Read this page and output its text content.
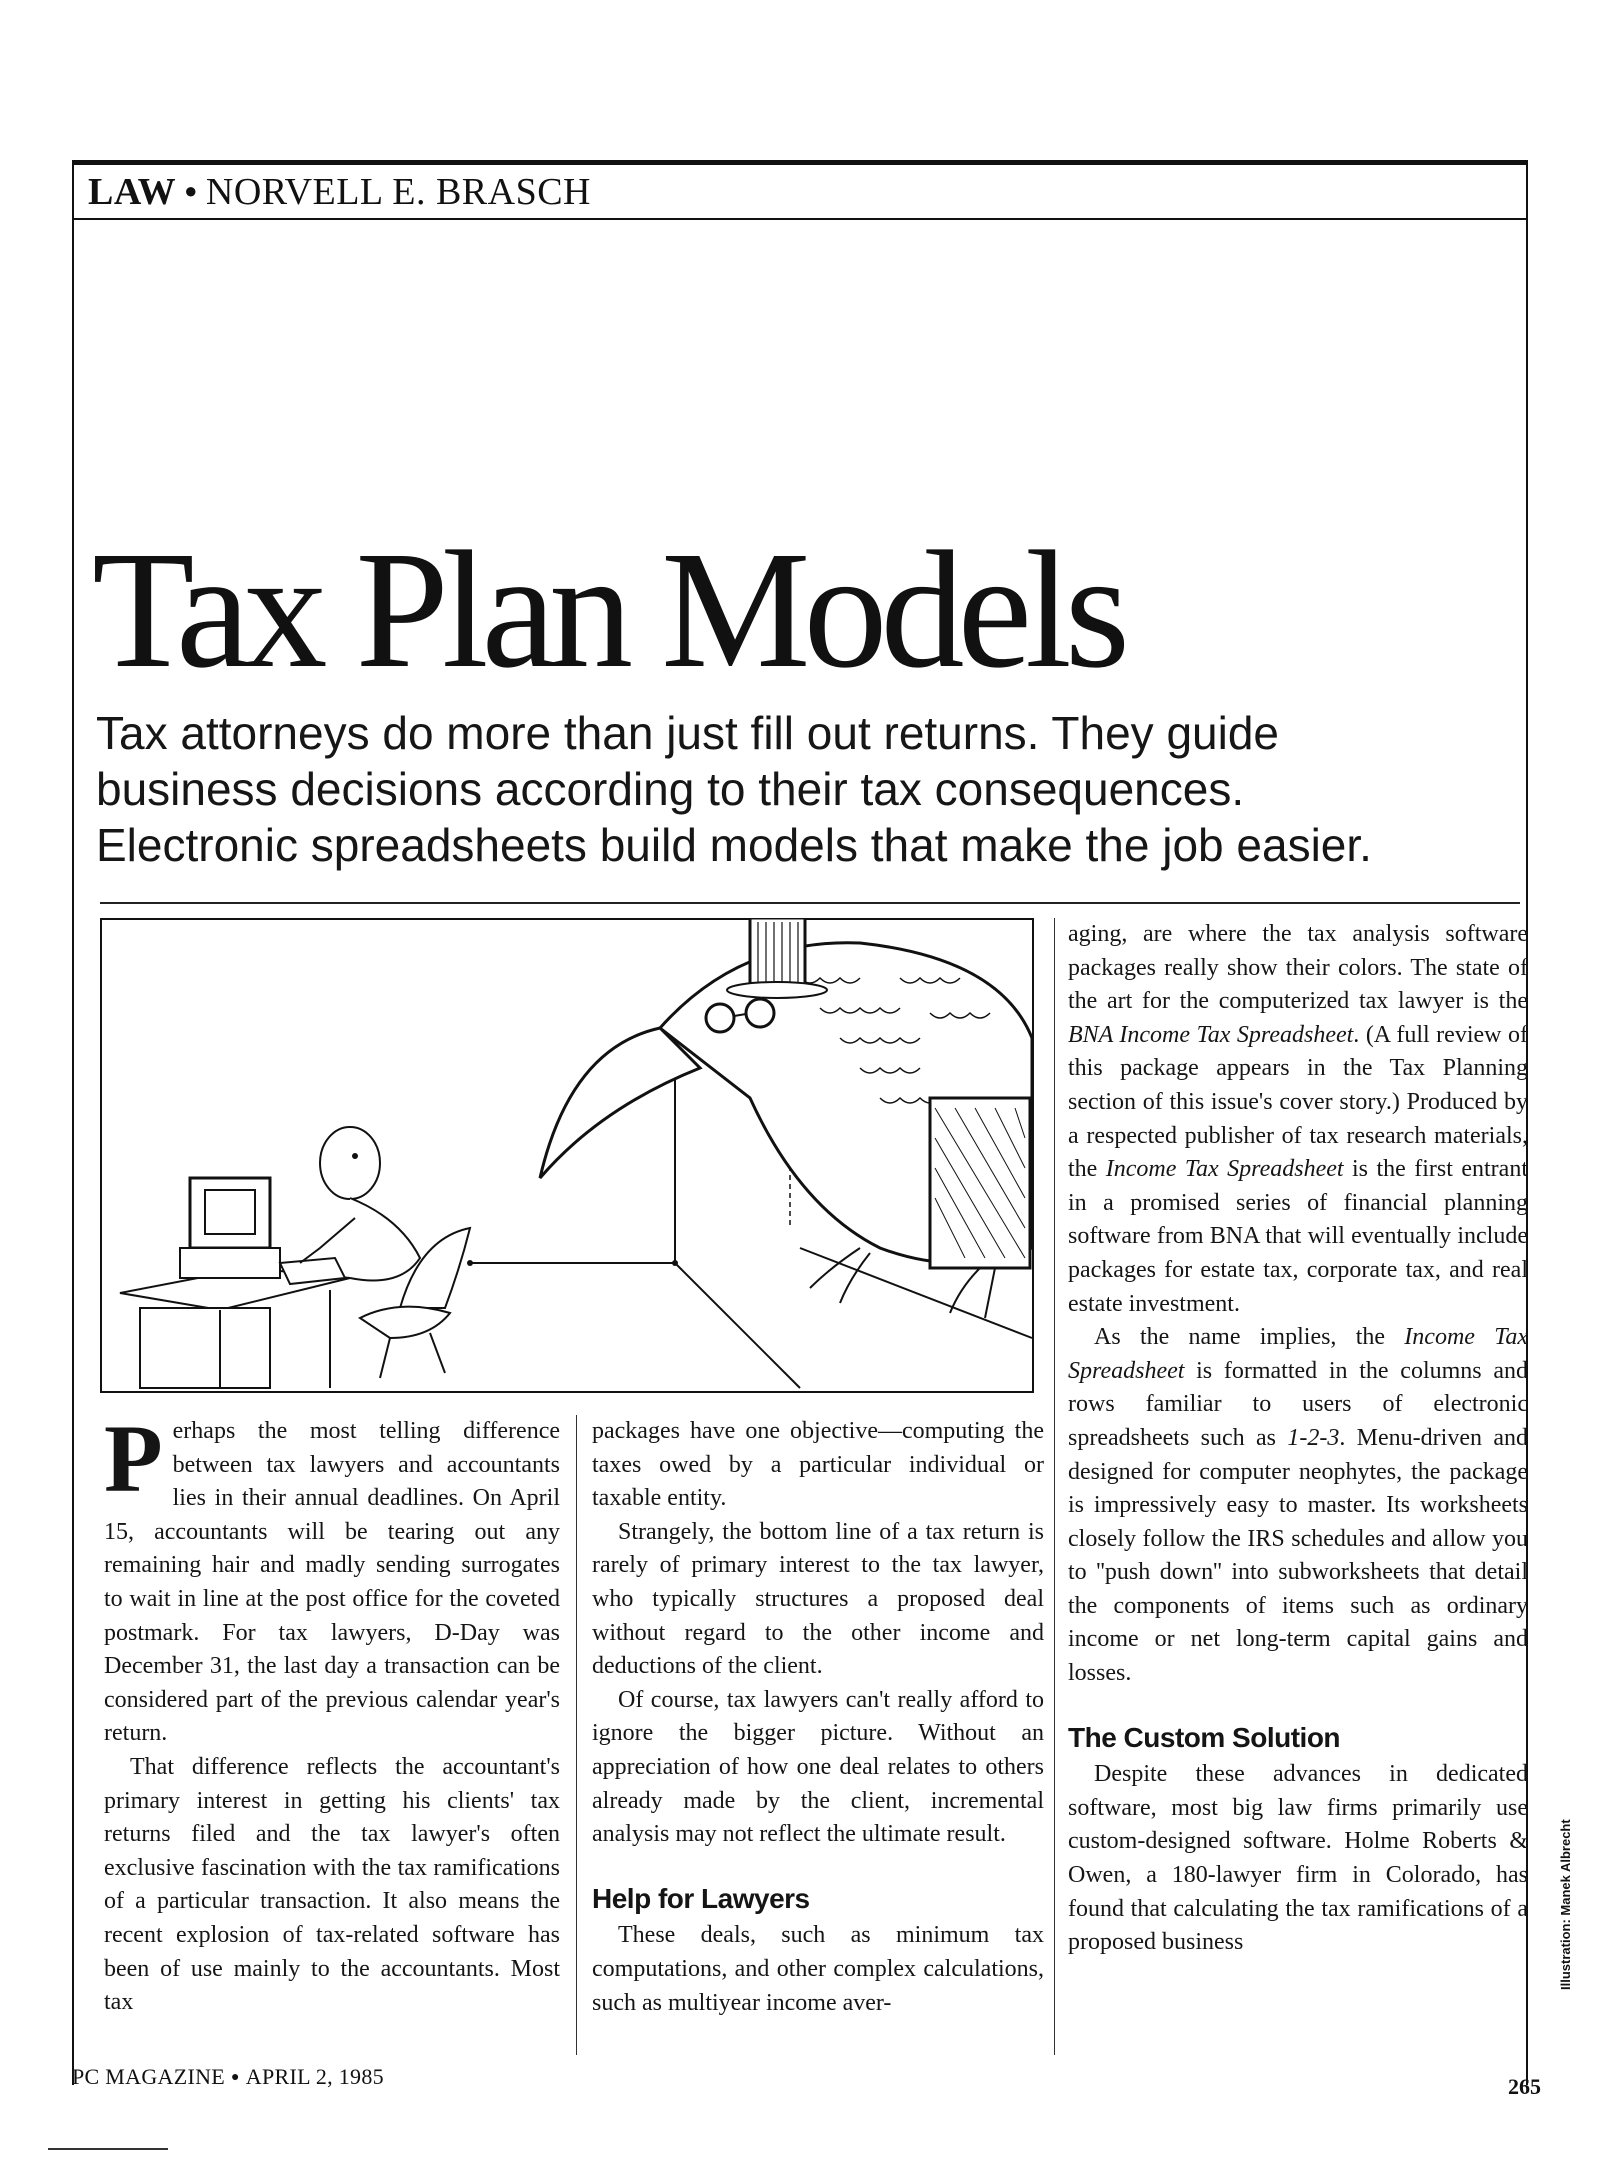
LAW ● NORVELL E. BRASCH
Tax Plan Models
Tax attorneys do more than just fill out returns. They guide
business decisions according to their tax consequences.
Electronic spreadsheets build models that make the job easier.

Perhaps the most telling difference between tax lawyers and accountants lies in their annual deadlines. On April 15, accountants will be tearing out any remaining hair and madly sending surrogates to wait in line at the post office for the coveted postmark. For tax lawyers, D-Day was December 31, the last day a transaction can be considered part of the previous calendar year's return.

That difference reflects the accountant's primary interest in getting his clients' tax returns filed and the tax lawyer's often exclusive fascination with the tax ramifications of a particular transaction. It also means the recent explosion of tax-related software has been of use mainly to the accountants. Most tax

packages have one objective—computing the taxes owed by a particular individual or taxable entity.

Strangely, the bottom line of a tax return is rarely of primary interest to the tax lawyer, who typically structures a proposed deal without regard to the other income and deductions of the client.

Of course, tax lawyers can't really afford to ignore the bigger picture. Without an appreciation of how one deal relates to others already made by the client, incremental analysis may not reflect the ultimate result.

Help for Lawyers

These deals, such as minimum tax computations, and other complex calculations, such as multiyear income aver-

aging, are where the tax analysis software packages really show their colors. The state of the art for the computerized tax lawyer is the BNA Income Tax Spreadsheet. (A full review of this package appears in the Tax Planning section of this issue's cover story.) Produced by a respected publisher of tax research materials, the Income Tax Spreadsheet is the first entrant in a promised series of financial planning software from BNA that will eventually include packages for estate tax, corporate tax, and real estate investment.

As the name implies, the Income Tax Spreadsheet is formatted in the columns and rows familiar to users of electronic spreadsheets such as 1-2-3. Menu-driven and designed for computer neophytes, the package is impressively easy to master. Its worksheets closely follow the IRS schedules and allow you to ''push down'' into subworksheets that detail the components of items such as ordinary income or net long-term capital gains and losses.

The Custom Solution

Despite these advances in dedicated software, most big law firms primarily use custom-designed software. Holme Roberts & Owen, a 180-lawyer firm in Colorado, has found that calculating the tax ramifications of a proposed business

PC MAGAZINE ● APRIL 2, 1985	265
Illustration: Manek Albrecht
